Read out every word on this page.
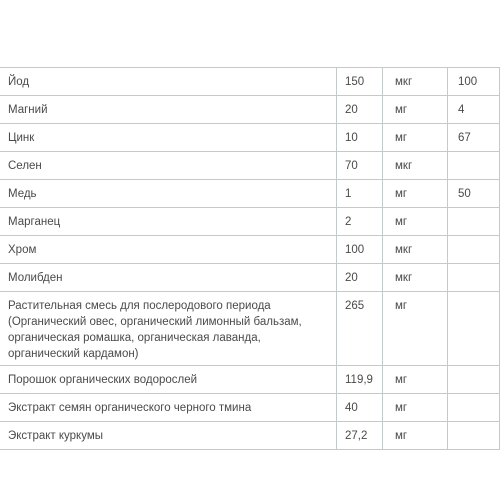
Йод	150	мкг	100
Магний	20	мг	4
Цинк	10	мг	67
Селен	70	мкг	
Медь	1	мг	50
Марганец	2	мг	
Хром	100	мкг	
Молибден	20	мкг	
Растительная смесь для послеродового периода (Органический овес, органический лимонный бальзам, органическая ромашка, органическая лаванда, органический кардамон)	265	мг	
Порошок органических водорослей	119,9	мг	
Экстракт семян органического черного тмина	40	мг	
Экстракт куркумы	27,2	мг	
